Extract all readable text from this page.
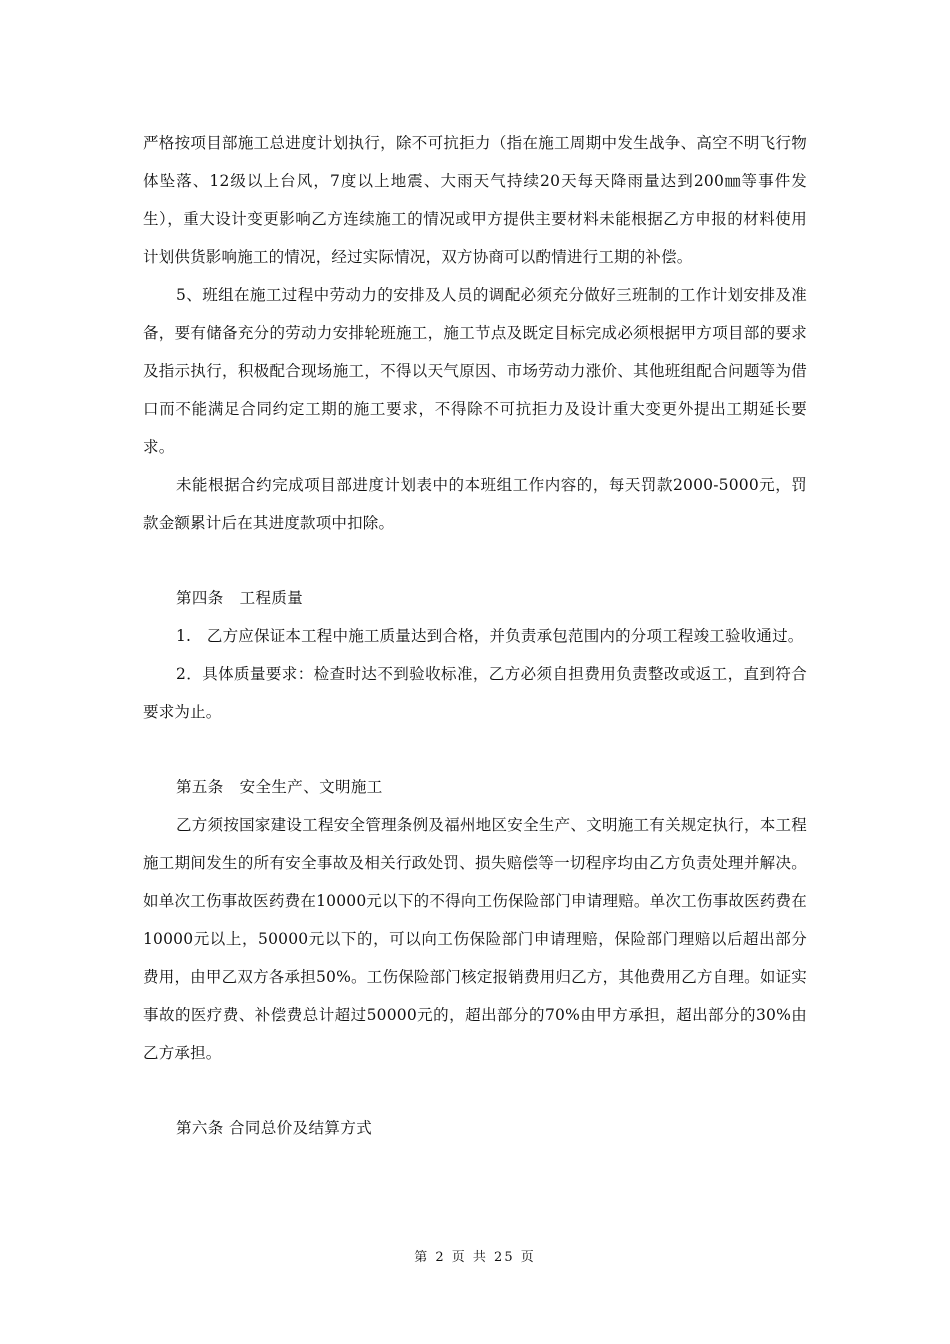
严格按项目部施工总进度计划执行，除不可抗拒力（指在施工周期中发生战争、高空不明飞行物体坠落、12级以上台风，7度以上地震、大雨天气持续20天每天降雨量达到200㎜等事件发生），重大设计变更影响乙方连续施工的情况或甲方提供主要材料未能根据乙方申报的材料使用计划供货影响施工的情况，经过实际情况，双方协商可以酌情进行工期的补偿。

5、班组在施工过程中劳动力的安排及人员的调配必须充分做好三班制的工作计划安排及准备，要有储备充分的劳动力安排轮班施工，施工节点及既定目标完成必须根据甲方项目部的要求及指示执行，积极配合现场施工，不得以天气原因、市场劳动力涨价、其他班组配合问题等为借口而不能满足合同约定工期的施工要求，不得除不可抗拒力及设计重大变更外提出工期延长要求。

未能根据合约完成项目部进度计划表中的本班组工作内容的，每天罚款2000-5000元，罚款金额累计后在其进度款项中扣除。

第四条　工程质量

1.　乙方应保证本工程中施工质量达到合格，并负责承包范围内的分项工程竣工验收通过。

2．具体质量要求：检查时达不到验收标准，乙方必须自担费用负责整改或返工，直到符合要求为止。

第五条　安全生产、文明施工

乙方须按国家建设工程安全管理条例及福州地区安全生产、文明施工有关规定执行，本工程施工期间发生的所有安全事故及相关行政处罚、损失赔偿等一切程序均由乙方负责处理并解决。如单次工伤事故医药费在10000元以下的不得向工伤保险部门申请理赔。单次工伤事故医药费在10000元以上，50000元以下的，可以向工伤保险部门申请理赔，保险部门理赔以后超出部分费用，由甲乙双方各承担50%。工伤保险部门核定报销费用归乙方，其他费用乙方自理。如证实事故的医疗费、补偿费总计超过50000元的，超出部分的70%由甲方承担，超出部分的30%由乙方承担。

第六条 合同总价及结算方式
第 2 页 共 25 页
